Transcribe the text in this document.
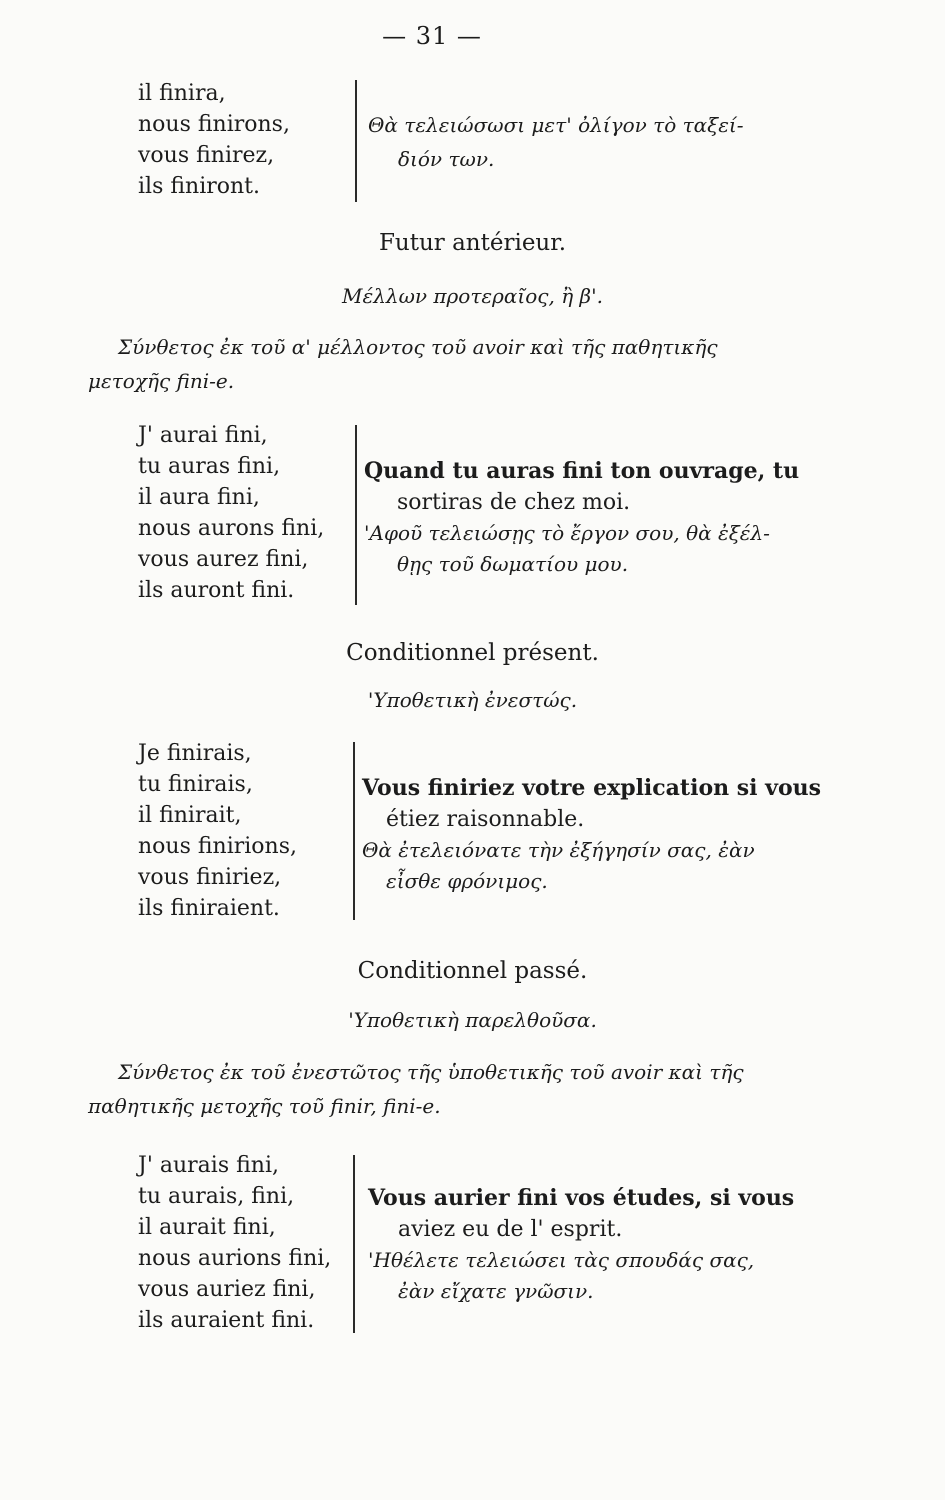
— 31 —
il finira,
nous finirons,
vous finirez,
ils finiront.
Θὰ τελειώσωσι μετ' ὀλίγον τὸ ταξεί-
διόν των.
Futur antérieur.
Μέλλων προτεραῖος, ἢ β'.
Σύνθετος ἐκ τοῦ α' μέλλοντος τοῦ avoir καὶ τῆς παθητικῆς
μετοχῆς fini-e.
J' aurai fini,
tu auras fini,
il aura fini,
nous aurons fini,
vous aurez fini,
ils auront fini.
Quand tu auras fini ton ouvrage, tu
sortiras de chez moi.
'Αφοῦ τελειώσῃς τὸ ἔργον σου, θὰ ἐξέλ-
θῃς τοῦ δωματίου μου.
Conditionnel présent.
'Υποθετικὴ ἐνεστώς.
Je finirais,
tu finirais,
il finirait,
nous finirions,
vous finiriez,
ils finiraient.
Vous finiriez votre explication si vous
étiez raisonnable.
Θὰ ἐτελειόνατε τὴν ἐξήγησίν σας, ἐὰν
εἶσθε φρόνιμος.
Conditionnel passé.
'Υποθετικὴ παρελθοῦσα.
Σύνθετος ἐκ τοῦ ἐνεστῶτος τῆς ὑποθετικῆς τοῦ avoir καὶ τῆς
παθητικῆς μετοχῆς τοῦ finir, fini-e.
J' aurais fini,
tu aurais, fini,
il aurait fini,
nous aurions fini,
vous auriez fini,
ils auraient fini.
Vous aurier fini vos études, si vous
aviez eu de l' esprit.
'Ηθέλετε τελειώσει τὰς σπουδάς σας,
ἐὰν εἴχατε γνῶσιν.
